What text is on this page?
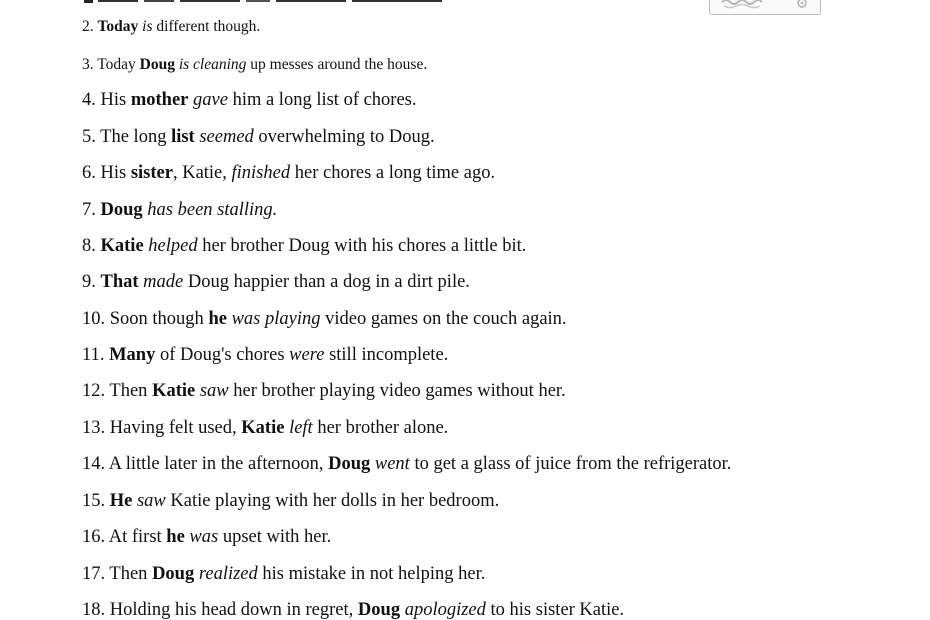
2. Today is different though.
3. Today Doug is cleaning up messes around the house.
4. His mother gave him a long list of chores.
5. The long list seemed overwhelming to Doug.
6. His sister, Katie, finished her chores a long time ago.
7. Doug has been stalling.
8. Katie helped her brother Doug with his chores a little bit.
9. That made Doug happier than a dog in a dirt pile.
10. Soon though he was playing video games on the couch again.
11. Many of Doug's chores were still incomplete.
12. Then Katie saw her brother playing video games without her.
13. Having felt used, Katie left her brother alone.
14. A little later in the afternoon, Doug went to get a glass of juice from the refrigerator.
15. He saw Katie playing with her dolls in her bedroom.
16. At first he was upset with her.
17. Then Doug realized his mistake in not helping her.
18. Holding his head down in regret, Doug apologized to his sister Katie.
